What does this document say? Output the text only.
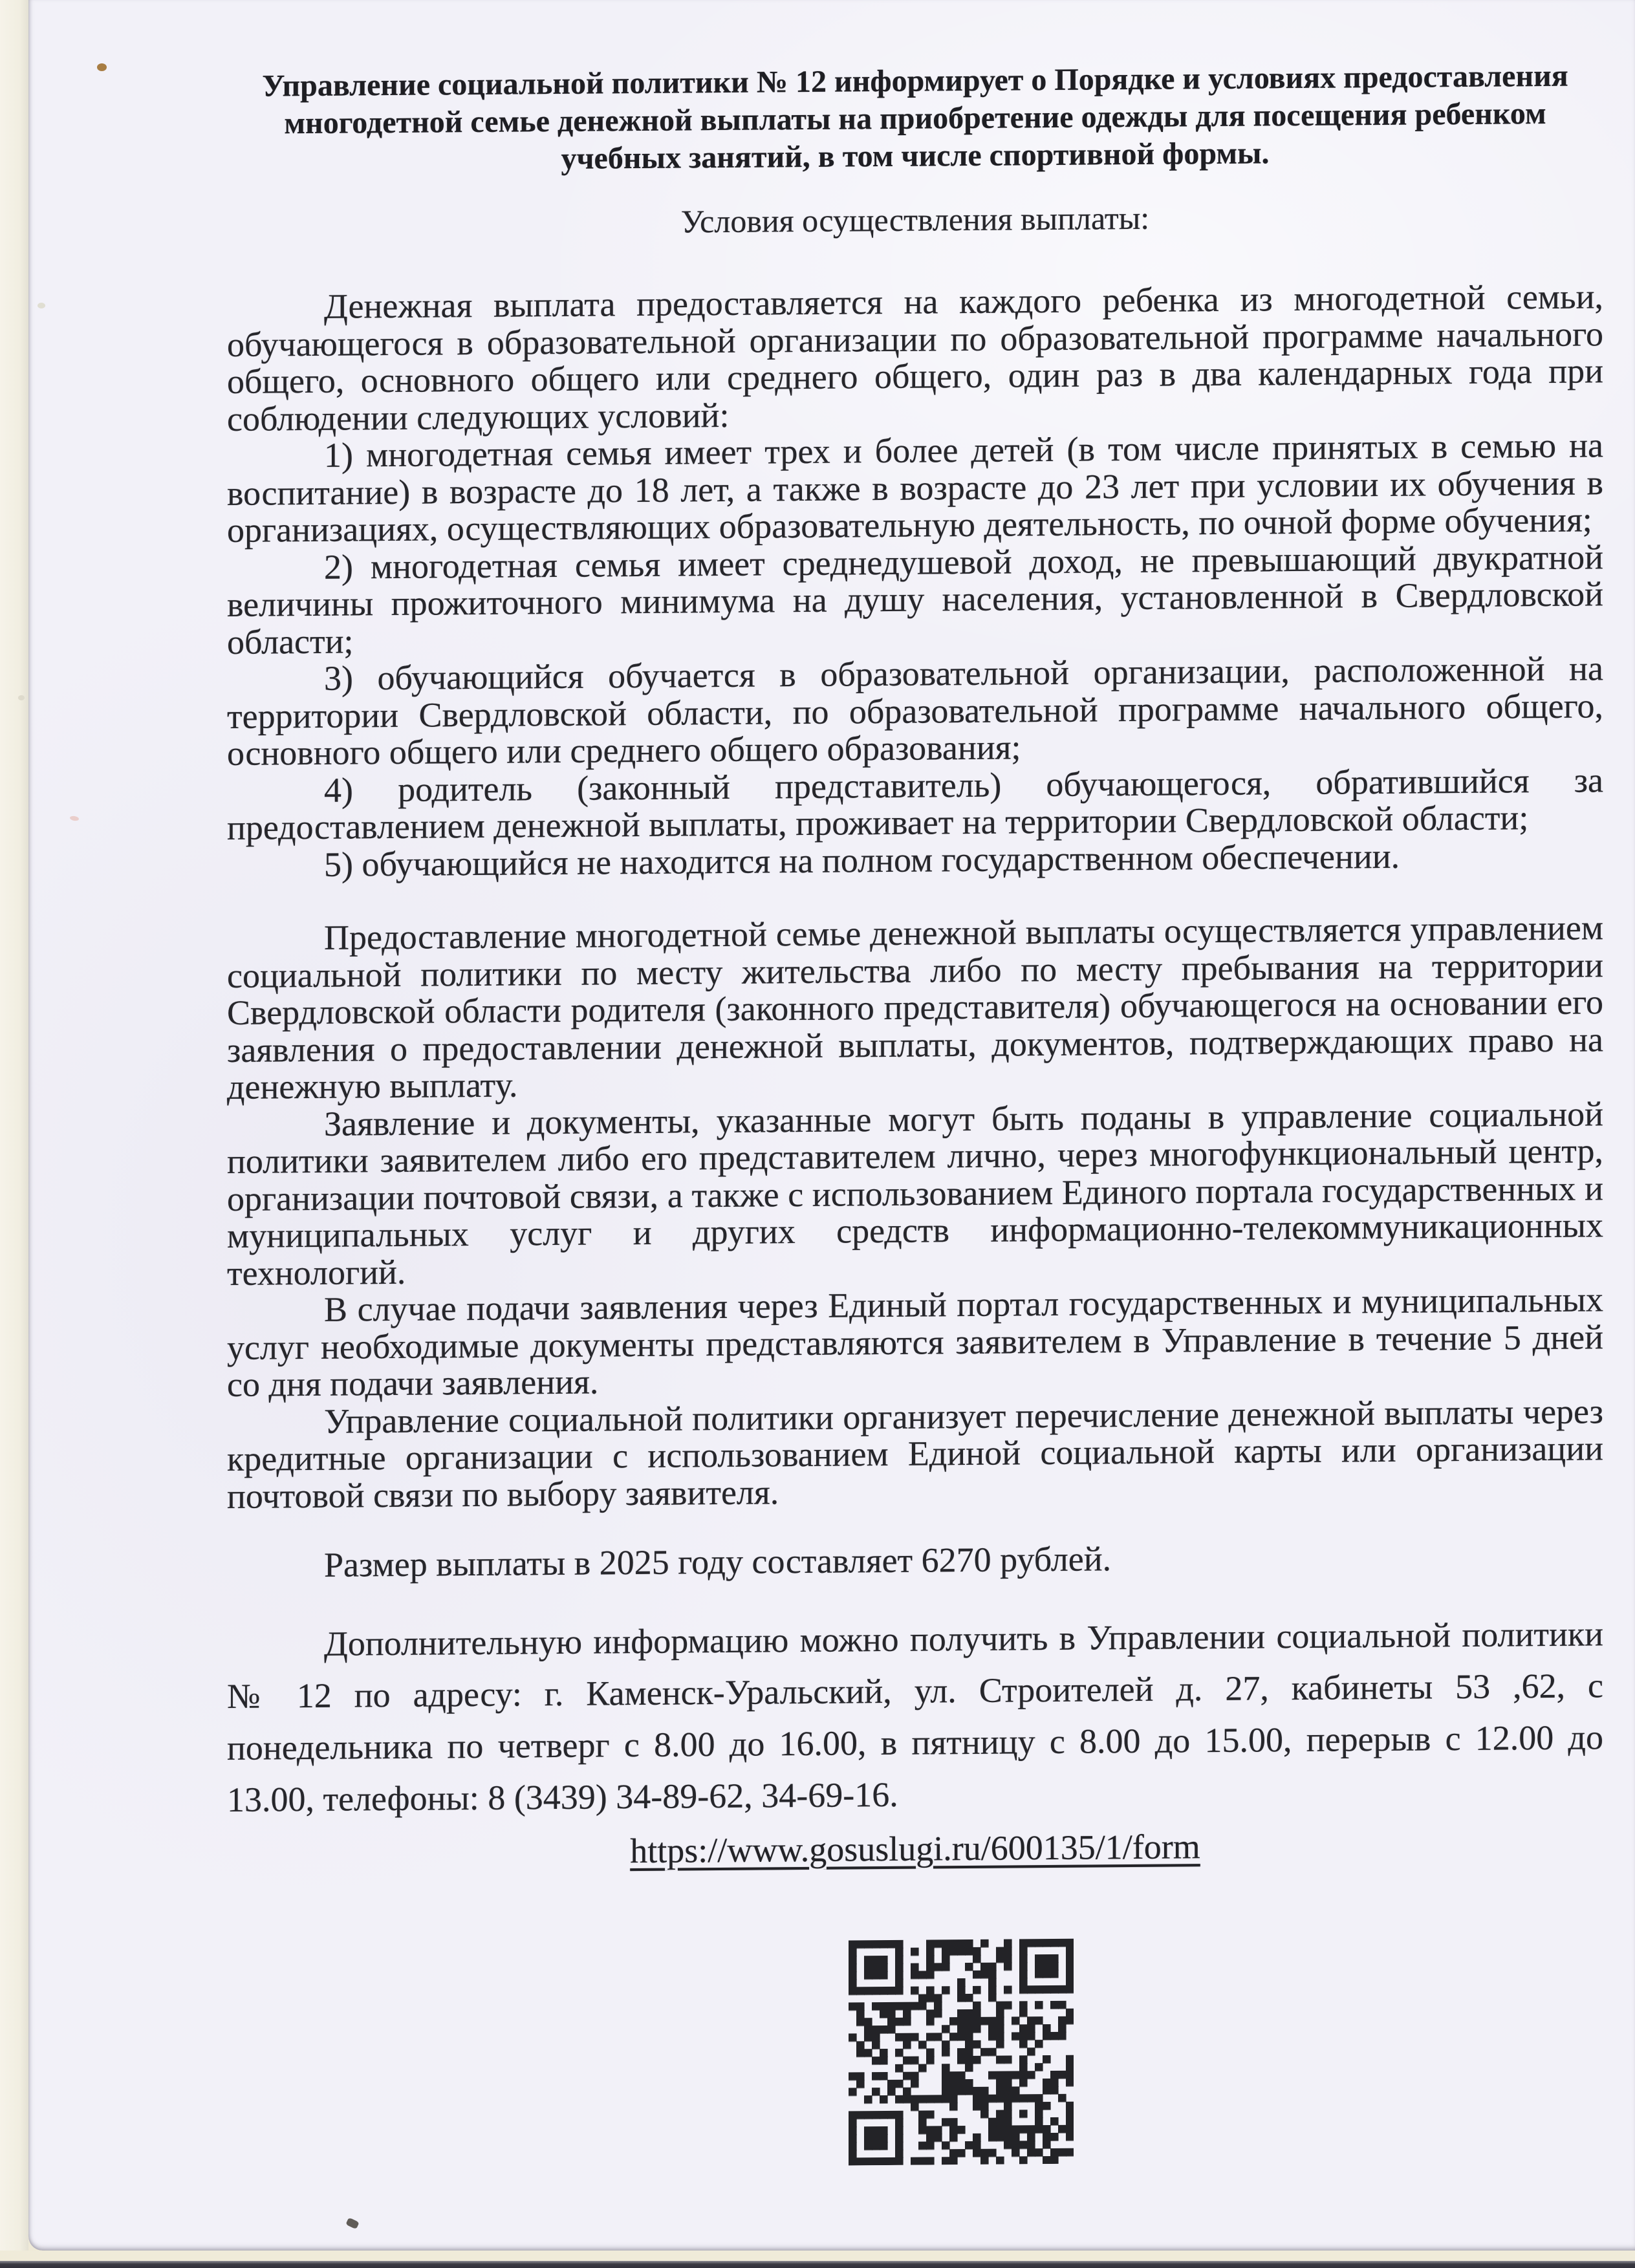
Управление социальной политики № 12 информирует о Порядке и условиях предоставления многодетной семье денежной выплаты на приобретение одежды для посещения ребенком учебных занятий, в том числе спортивной формы.
Условия осуществления выплаты:

Денежная выплата предоставляется на каждого ребенка из многодетной семьи, обучающегося в образовательной организации по образовательной программе начального общего, основного общего или среднего общего, один раз в два календарных года при соблюдении следующих условий:

1) многодетная семья имеет трех и более детей (в том числе принятых в семью на воспитание) в возрасте до 18 лет, а также в возрасте до 23 лет при условии их обучения в организациях, осуществляющих образовательную деятельность, по очной форме обучения;

2) многодетная семья имеет среднедушевой доход, не превышающий двукратной величины прожиточного минимума на душу населения, установленной в Свердловской области;

3) обучающийся обучается в образовательной организации, расположенной на территории Свердловской области, по образовательной программе начального общего, основного общего или среднего общего образования;

4) родитель (законный представитель) обучающегося, обратившийся за предоставлением денежной выплаты, проживает на территории Свердловской области;

5) обучающийся не находится на полном государственном обеспечении.

Предоставление многодетной семье денежной выплаты осуществляется управлением социальной политики по месту жительства либо по месту пребывания на территории Свердловской области родителя (законного представителя) обучающегося на основании его заявления о предоставлении денежной выплаты, документов, подтверждающих право на денежную выплату.

Заявление и документы, указанные могут быть поданы в управление социальной политики заявителем либо его представителем лично, через многофункциональный центр, организации почтовой связи, а также с использованием Единого портала государственных и муниципальных услуг и других средств информационно-телекоммуникационных технологий.

В случае подачи заявления через Единый портал государственных и муниципальных услуг необходимые документы представляются заявителем в Управление в течение 5 дней со дня подачи заявления.

Управление социальной политики организует перечисление денежной выплаты через кредитные организации с использованием Единой социальной карты или организации почтовой связи по выбору заявителя.

Размер выплаты в 2025 году составляет 6270 рублей.

Дополнительную информацию можно получить в Управлении социальной политики № 12 по адресу: г. Каменск-Уральский, ул. Строителей д. 27, кабинеты 53 ,62, с понедельника по четверг с 8.00 до 16.00, в пятницу с 8.00 до 15.00, перерыв с 12.00 до 13.00, телефоны: 8 (3439) 34-89-62, 34-69-16.

https://www.gosuslugi.ru/600135/1/form
